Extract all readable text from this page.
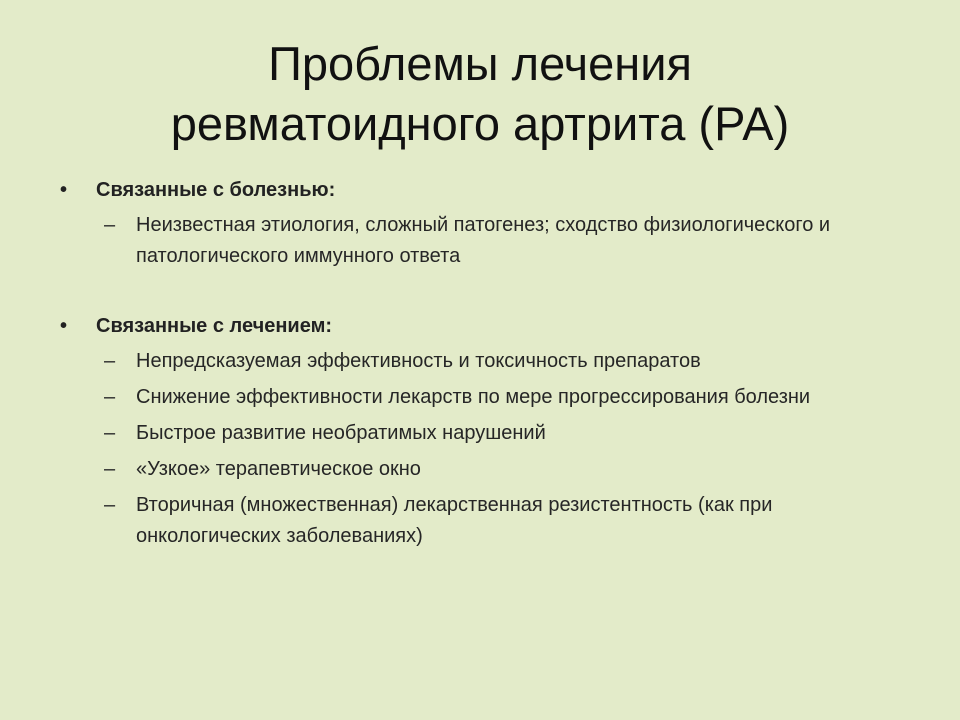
Проблемы лечения
ревматоидного артрита (РА)
• Связанные с болезнью:
– Неизвестная этиология, сложный патогенез; сходство физиологического и патологического иммунного ответа
• Связанные с лечением:
– Непредсказуемая эффективность и токсичность препаратов
– Снижение эффективности лекарств по мере прогрессирования болезни
– Быстрое развитие необратимых нарушений
– «Узкое» терапевтическое окно
– Вторичная (множественная) лекарственная резистентность (как при онкологических заболеваниях)
